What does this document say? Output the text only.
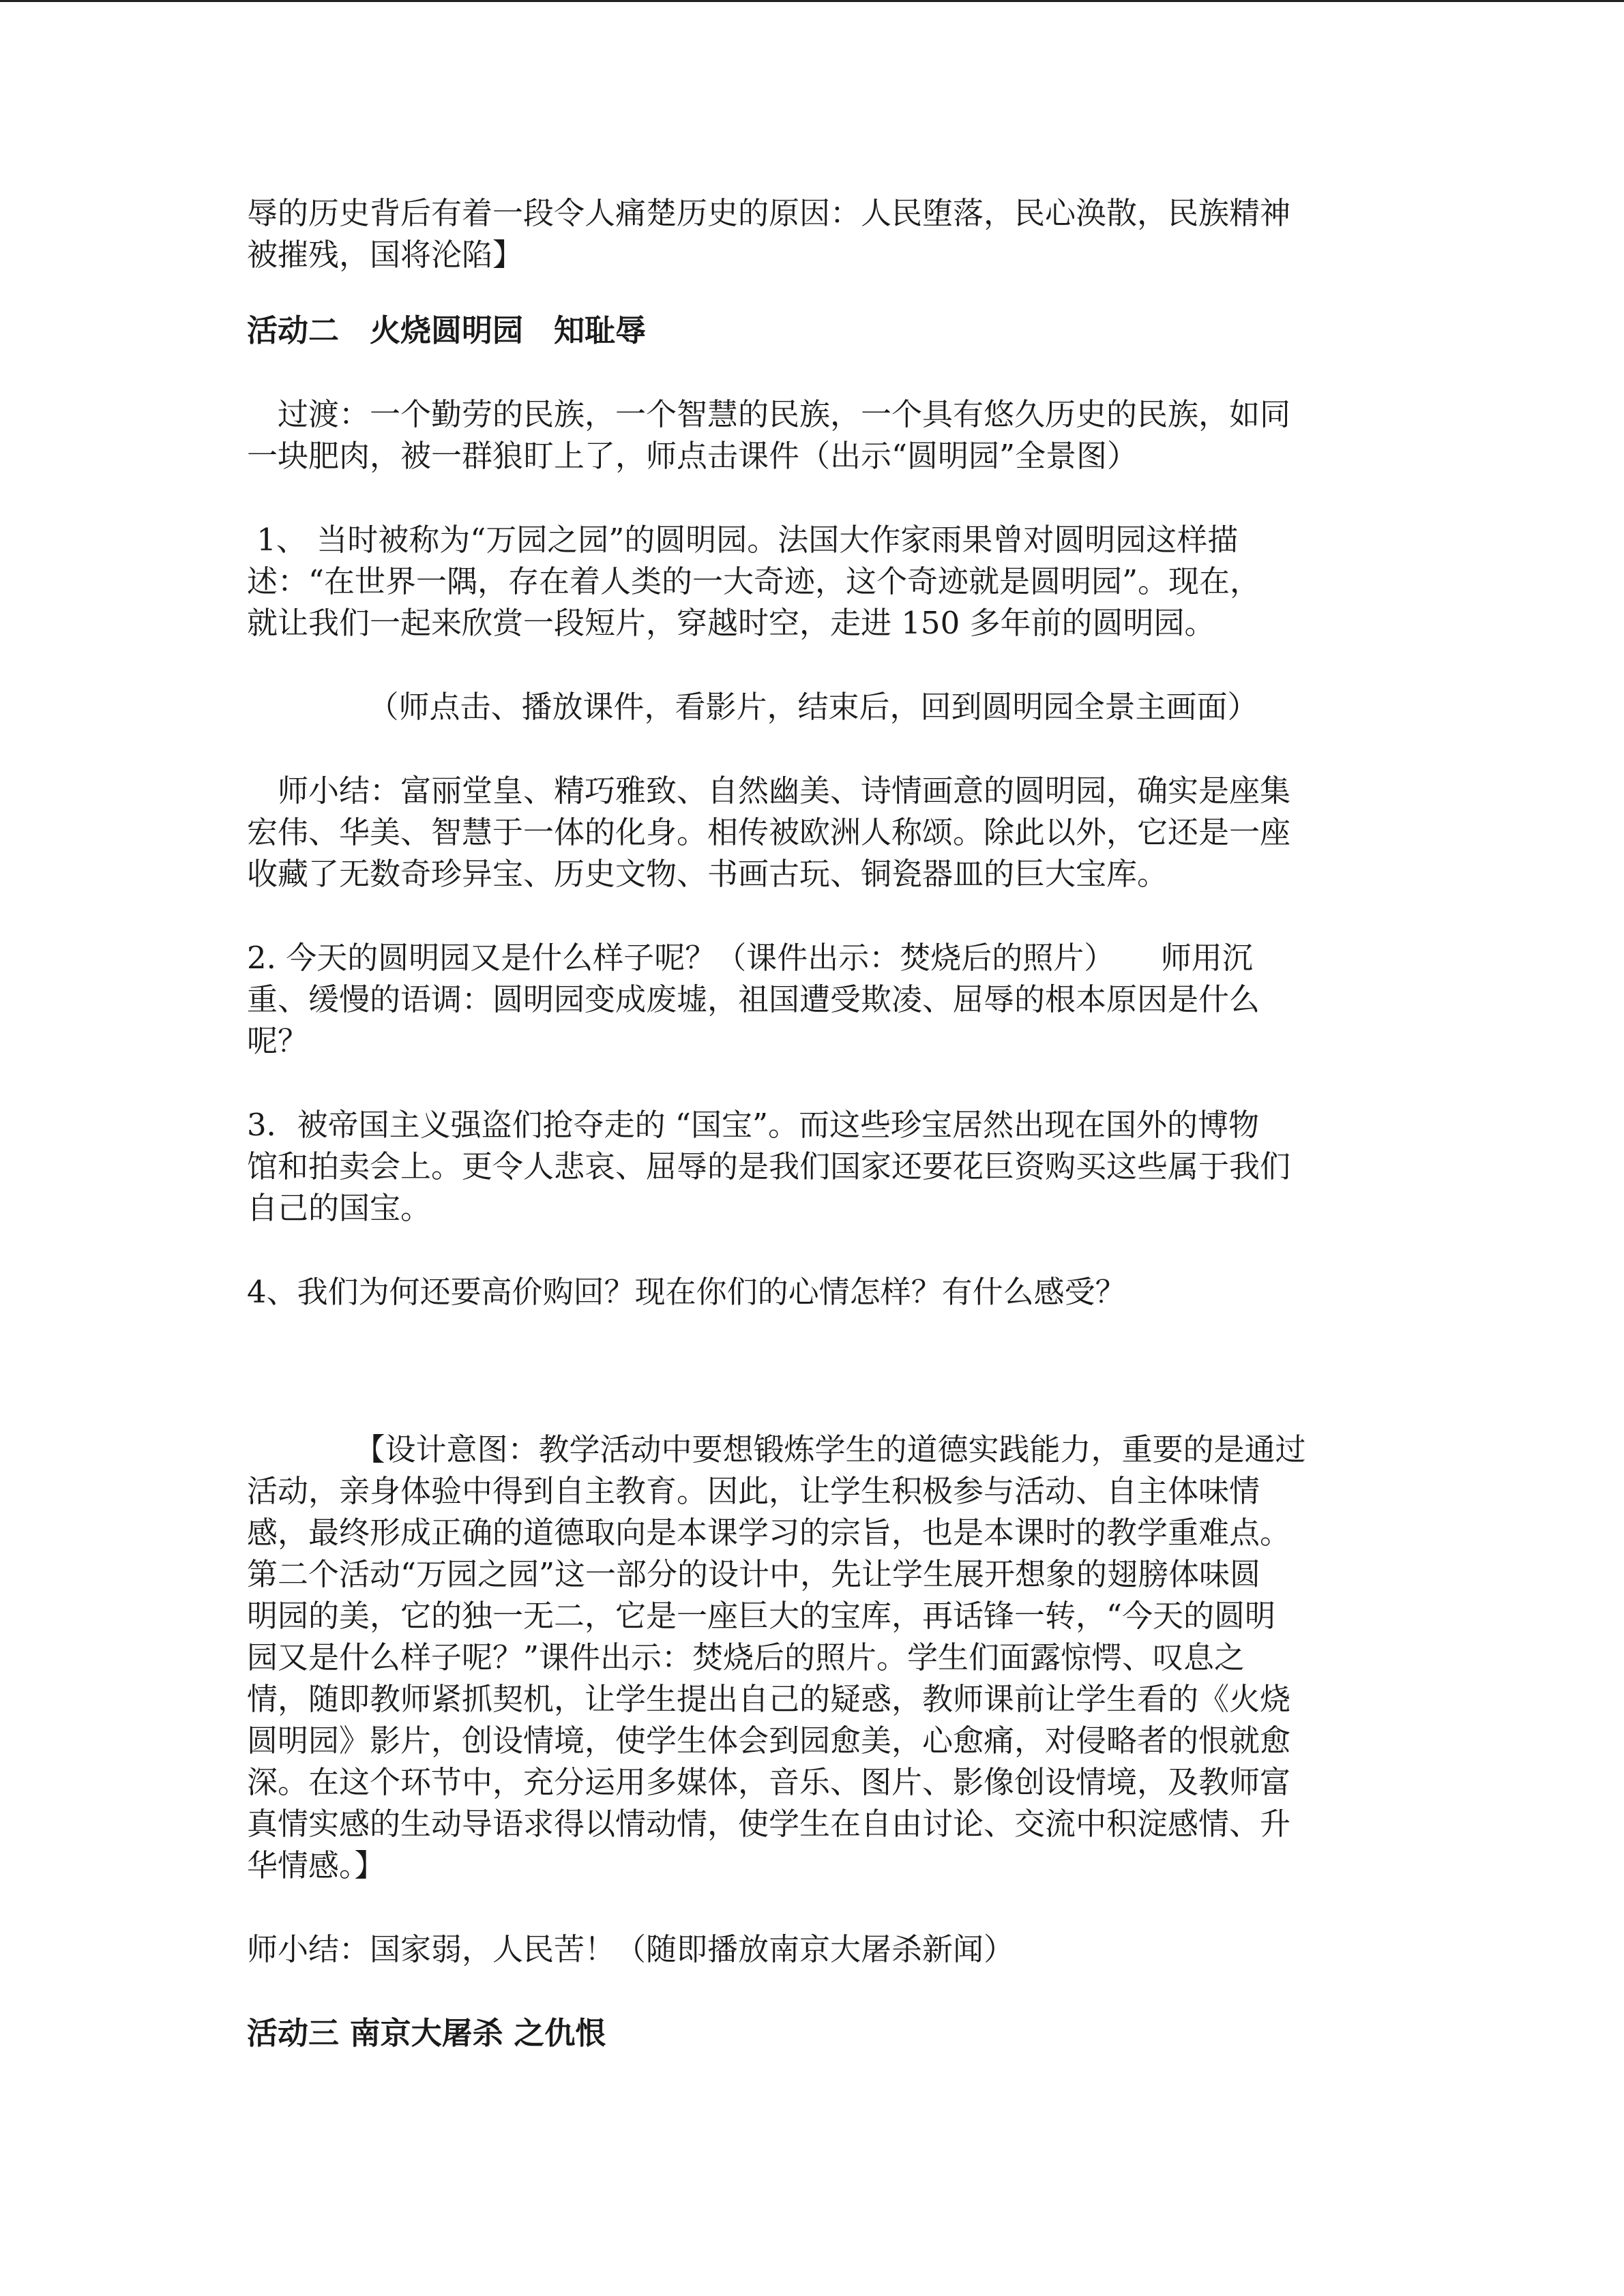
辱的历史背后有着一段令人痛楚历史的原因：人民堕落，民心涣散，民族精神
被摧残，国将沦陷】
活动二　火烧圆明园　知耻辱
　过渡：一个勤劳的民族，一个智慧的民族，一个具有悠久历史的民族，如同
一块肥肉，被一群狼盯上了，师点击课件（出示“圆明园”全景图）
1、 当时被称为“万园之园”的圆明园。法国大作家雨果曾对圆明园这样描
述：“在世界一隅，存在着人类的一大奇迹，这个奇迹就是圆明园”。现在，
就让我们一起来欣赏一段短片，穿越时空，走进 150 多年前的圆明园。
（师点击、播放课件，看影片，结束后，回到圆明园全景主画面）
　师小结：富丽堂皇、精巧雅致、自然幽美、诗情画意的圆明园，确实是座集
宏伟、华美、智慧于一体的化身。相传被欧洲人称颂。除此以外，它还是一座
收藏了无数奇珍异宝、历史文物、书画古玩、铜瓷器皿的巨大宝库。
2. 今天的圆明园又是什么样子呢？（课件出示：焚烧后的照片）　　师用沉
重、缓慢的语调：圆明园变成废墟，祖国遭受欺凌、屈辱的根本原因是什么
呢？
3．被帝国主义强盗们抢夺走的 “国宝”。而这些珍宝居然出现在国外的博物
馆和拍卖会上。更令人悲哀、屈辱的是我们国家还要花巨资购买这些属于我们
自己的国宝。
4、我们为何还要高价购回？现在你们的心情怎样？有什么感受？
　　　　【设计意图：教学活动中要想锻炼学生的道德实践能力，重要的是通过
活动，亲身体验中得到自主教育。因此，让学生积极参与活动、自主体味情
感，最终形成正确的道德取向是本课学习的宗旨，也是本课时的教学重难点。
第二个活动“万园之园”这一部分的设计中，先让学生展开想象的翅膀体味圆
明园的美，它的独一无二，它是一座巨大的宝库，再话锋一转，“今天的圆明
园又是什么样子呢？”课件出示：焚烧后的照片。学生们面露惊愕、叹息之
情，随即教师紧抓契机，让学生提出自己的疑惑，教师课前让学生看的《火烧
圆明园》影片，创设情境，使学生体会到园愈美，心愈痛，对侵略者的恨就愈
深。在这个环节中，充分运用多媒体，音乐、图片、影像创设情境，及教师富
真情实感的生动导语求得以情动情，使学生在自由讨论、交流中积淀感情、升
华情感。】
师小结：国家弱，人民苦！（随即播放南京大屠杀新闻）
活动三 南京大屠杀 之仇恨
